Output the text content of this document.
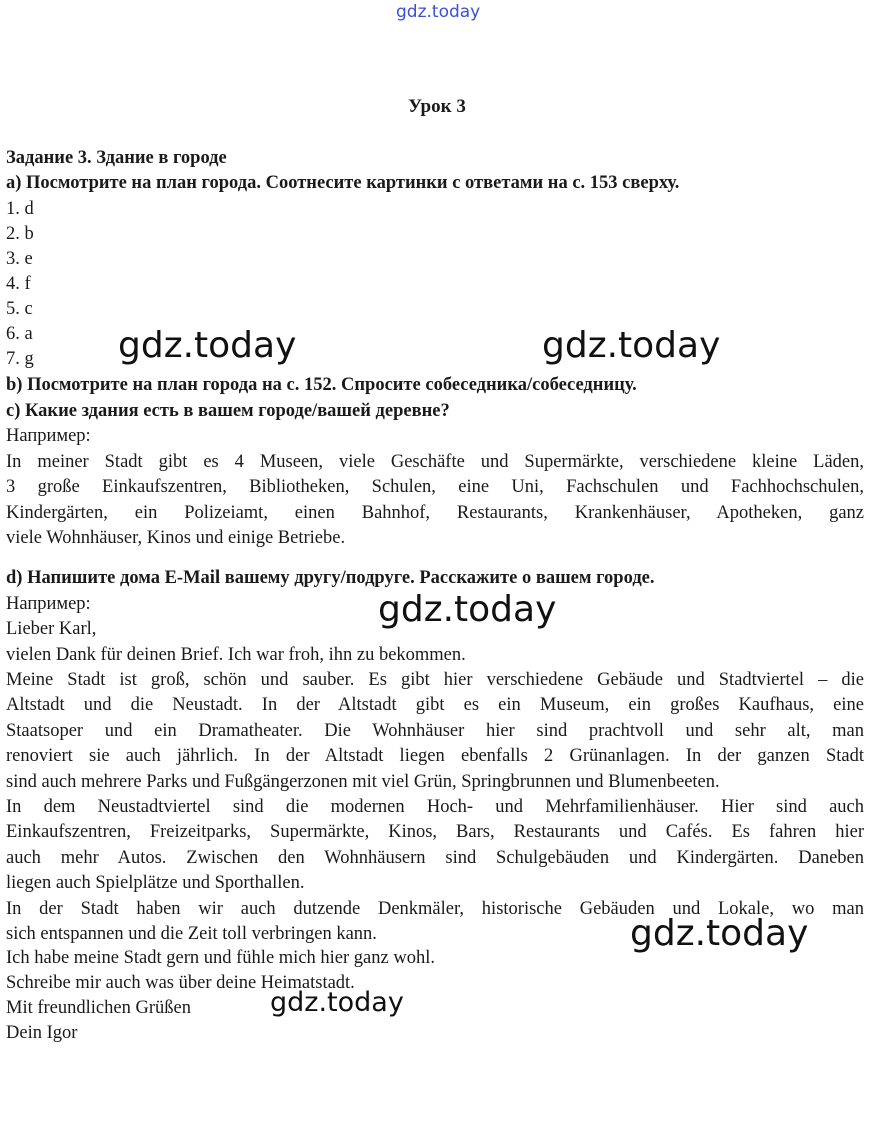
gdz.today
Урок 3
Задание 3. Здание в городе
a) Посмотрите на план города. Соотнесите картинки с ответами на с. 153 сверху.
1. d
2. b
3. e
4. f
5. c
6. a
7. g
b) Посмотрите на план города на с. 152. Спросите собеседника/собеседницу.
c) Какие здания есть в вашем городе/вашей деревне?
Например:
In meiner Stadt gibt es 4 Museen, viele Geschäfte und Supermärkte, verschiedene kleine Läden,
3 große Einkaufszentren, Bibliotheken, Schulen, eine Uni, Fachschulen und Fachhochschulen,
Kindergärten, ein Polizeiamt, einen Bahnhof, Restaurants, Krankenhäuser, Apotheken, ganz
viele Wohnhäuser, Kinos und einige Betriebe.
d) Напишите дома E-Mail вашему другу/подруге. Расскажите о вашем городе.
Например:
Lieber Karl,
vielen Dank für deinen Brief. Ich war froh, ihn zu bekommen.
Meine Stadt ist groß, schön und sauber. Es gibt hier verschiedene Gebäude und Stadtviertel – die
Altstadt und die Neustadt. In der Altstadt gibt es ein Museum, ein großes Kaufhaus, eine
Staatsoper und ein Dramatheater. Die Wohnhäuser hier sind prachtvoll und sehr alt, man
renoviert sie auch jährlich. In der Altstadt liegen ebenfalls 2 Grünanlagen. In der ganzen Stadt
sind auch mehrere Parks und Fußgängerzonen mit viel Grün, Springbrunnen und Blumenbeeten.
In dem Neustadtviertel sind die modernen Hoch- und Mehrfamilienhäuser. Hier sind auch
Einkaufszentren, Freizeitparks, Supermärkte, Kinos, Bars, Restaurants und Cafés. Es fahren hier
auch mehr Autos. Zwischen den Wohnhäusern sind Schulgebäuden und Kindergärten. Daneben
liegen auch Spielplätze und Sporthallen.
In der Stadt haben wir auch dutzende Denkmäler, historische Gebäuden und Lokale, wo man
sich entspannen und die Zeit toll verbringen kann.
Ich habe meine Stadt gern und fühle mich hier ganz wohl.
Schreibe mir auch was über deine Heimatstadt.
Mit freundlichen Grüßen
Dein Igor
gdz.today	gdz.today
gdz.today
gdz.today
gdz.today
